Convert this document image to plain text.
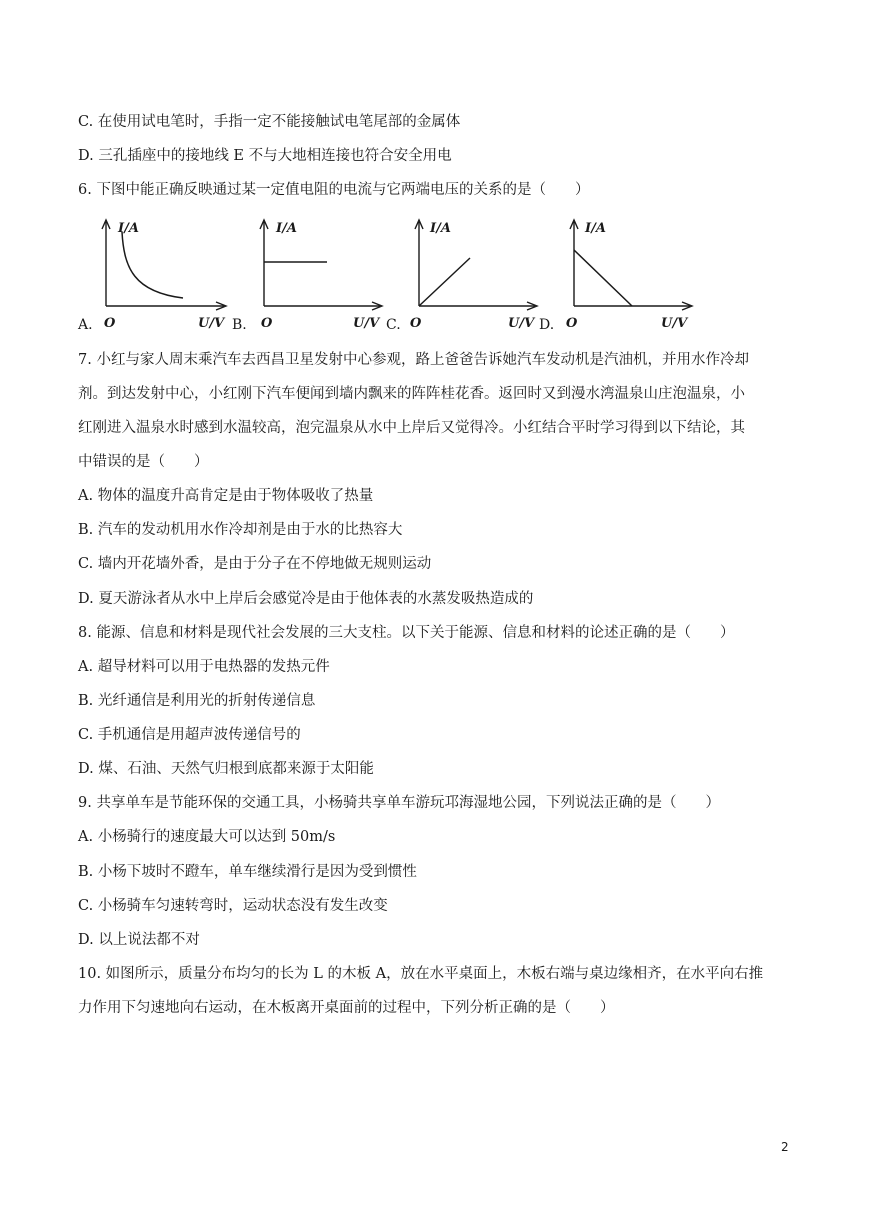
C. 在使用试电笔时，手指一定不能接触试电笔尾部的金属体
D. 三孔插座中的接地线 E 不与大地相连接也符合安全用电
6. 下图中能正确反映通过某一定值电阻的电流与它两端电压的关系的是（　　）
I/A	I/A	I/A	I/A
O	O	O	O
U/V	U/V	U/V	U/V
A.	B.	C.	D.
7. 小红与家人周末乘汽车去西昌卫星发射中心参观，路上爸爸告诉她汽车发动机是汽油机，并用水作冷却
剂。到达发射中心，小红刚下汽车便闻到墙内飘来的阵阵桂花香。返回时又到漫水湾温泉山庄泡温泉，小
红刚进入温泉水时感到水温较高，泡完温泉从水中上岸后又觉得冷。小红结合平时学习得到以下结论，其
中错误的是（　　）
A. 物体的温度升高肯定是由于物体吸收了热量
B. 汽车的发动机用水作冷却剂是由于水的比热容大
C. 墙内开花墙外香，是由于分子在不停地做无规则运动
D. 夏天游泳者从水中上岸后会感觉冷是由于他体表的水蒸发吸热造成的
8. 能源、信息和材料是现代社会发展的三大支柱。以下关于能源、信息和材料的论述正确的是（　　）
A. 超导材料可以用于电热器的发热元件
B. 光纤通信是利用光的折射传递信息
C. 手机通信是用超声波传递信号的
D. 煤、石油、天然气归根到底都来源于太阳能
9. 共享单车是节能环保的交通工具，小杨骑共享单车游玩邛海湿地公园，下列说法正确的是（　　）
A. 小杨骑行的速度最大可以达到 50m/s
B. 小杨下坡时不蹬车，单车继续滑行是因为受到惯性
C. 小杨骑车匀速转弯时，运动状态没有发生改变
D. 以上说法都不对
10. 如图所示，质量分布均匀的长为 L 的木板 A，放在水平桌面上，木板右端与桌边缘相齐，在水平向右推
力作用下匀速地向右运动，在木板离开桌面前的过程中，下列分析正确的是（　　）
2
